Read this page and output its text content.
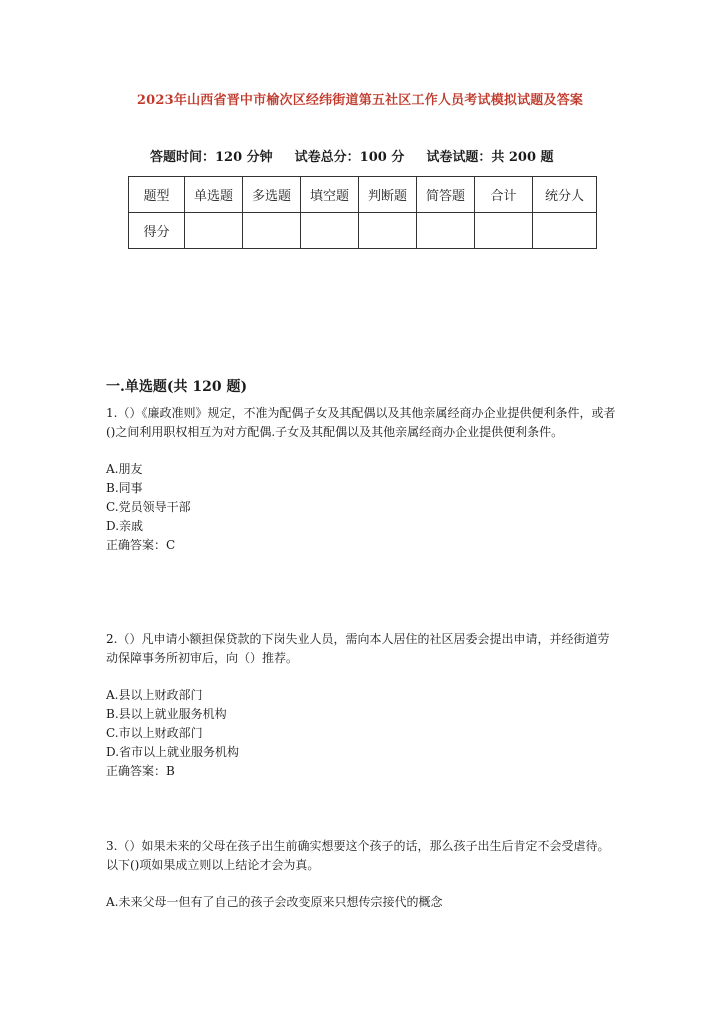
2023年山西省晋中市榆次区经纬街道第五社区工作人员考试模拟试题及答案
答题时间：120 分钟 试卷总分：100 分 试卷试题：共 200 题
题型	单选题	多选题	填空题	判断题	简答题	合计	统分人
得分							
一.单选题(共 120 题)

1.（）《廉政准则》规定，不准为配偶子女及其配偶以及其他亲属经商办企业提供便利条件，或者()之间利用职权相互为对方配偶.子女及其配偶以及其他亲属经商办企业提供便利条件。

A.朋友

B.同事

C.党员领导干部

D.亲戚

正确答案：C

2.（）凡申请小额担保贷款的下岗失业人员，需向本人居住的社区居委会提出申请，并经街道劳动保障事务所初审后，向（）推荐。

A.县以上财政部门

B.县以上就业服务机构

C.市以上财政部门

D.省市以上就业服务机构

正确答案：B

3.（）如果未来的父母在孩子出生前确实想要这个孩子的话，那么孩子出生后肯定不会受虐待。以下()项如果成立则以上结论才会为真。

A.未来父母一但有了自己的孩子会改变原来只想传宗接代的概念
